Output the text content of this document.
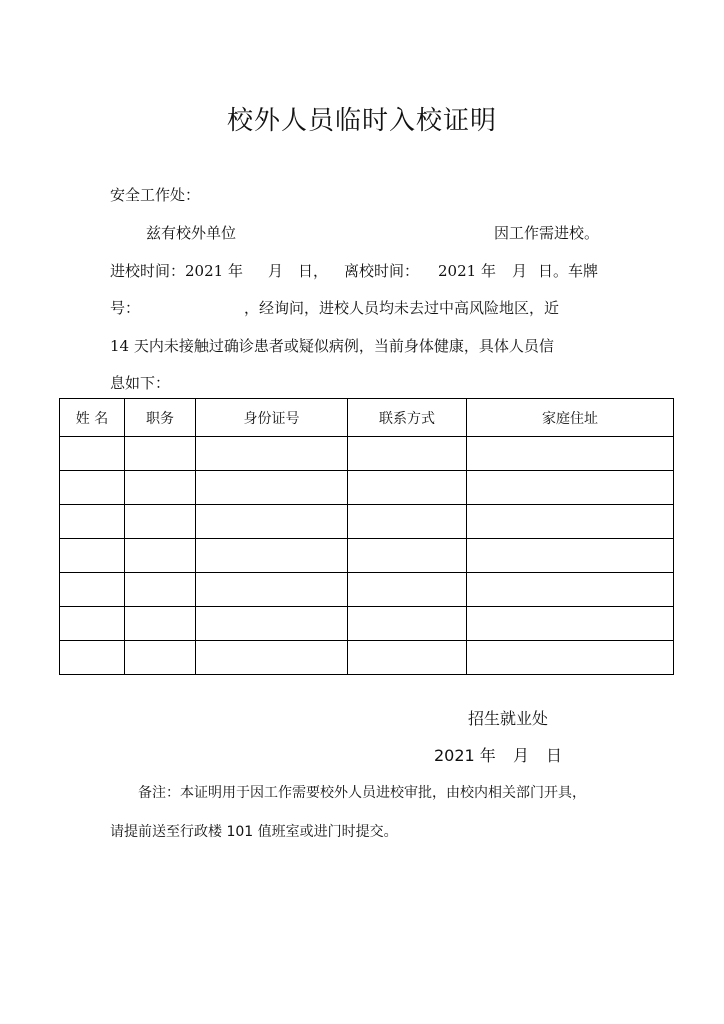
校外人员临时入校证明
安全工作处：
兹有校外单位	因工作需进校。
进校时间：2021 年 月 日， 离校时间： 2021 年 月 日。车牌
号：	，经询问，进校人员均未去过中高风险地区，近
14 天内未接触过确诊患者或疑似病例，当前身体健康，具体人员信
息如下：
姓 名	职务	身份证号	联系方式	家庭住址

招生就业处
2021 年 月 日
备注：本证明用于因工作需要校外人员进校审批，由校内相关部门开具，
请提前送至行政楼 101 值班室或进门时提交。
